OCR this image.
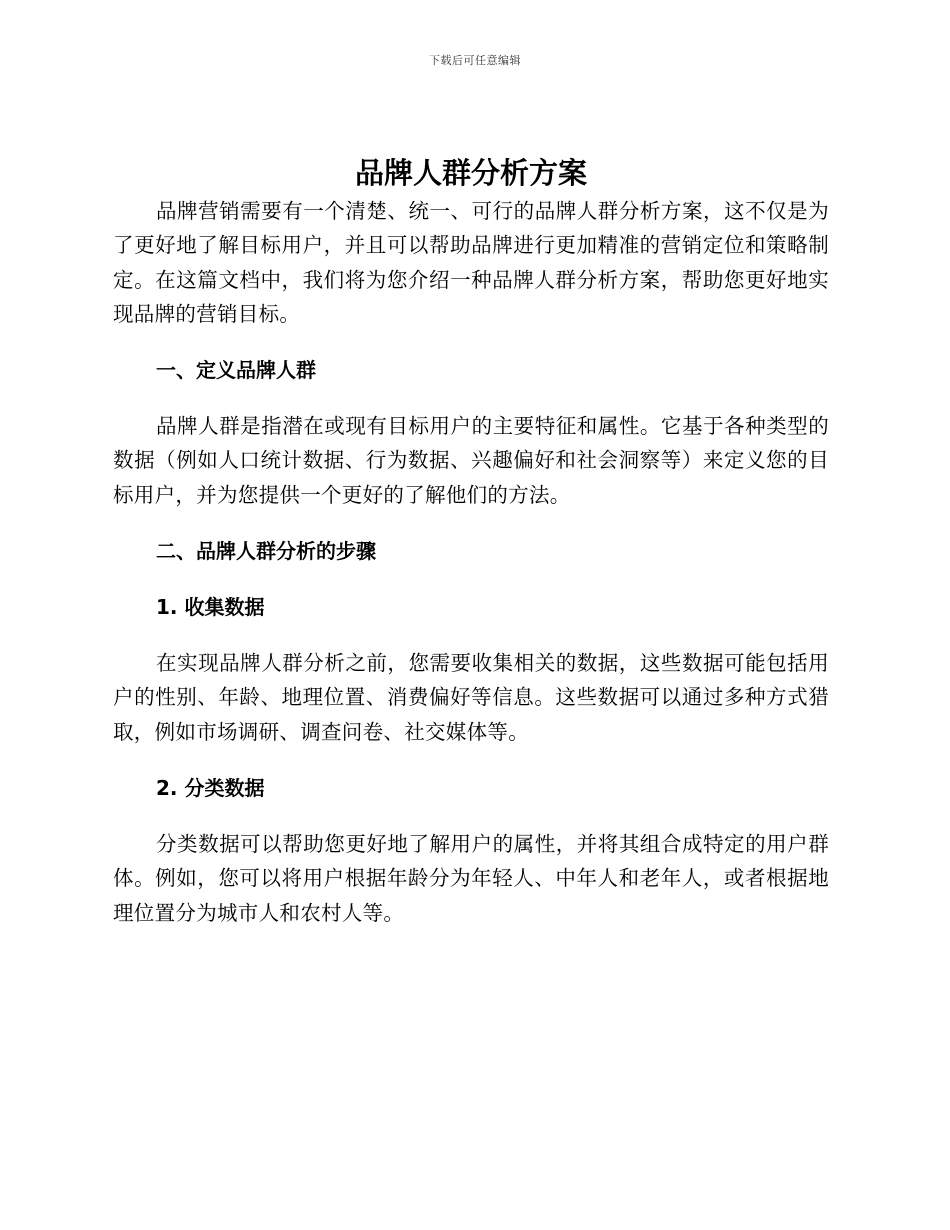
下载后可任意编辑
品牌人群分析方案

品牌营销需要有一个清楚、统一、可行的品牌人群分析方案，这不仅是为了更好地了解目标用户，并且可以帮助品牌进行更加精准的营销定位和策略制定。在这篇文档中，我们将为您介绍一种品牌人群分析方案，帮助您更好地实现品牌的营销目标。

一、定义品牌人群

品牌人群是指潜在或现有目标用户的主要特征和属性。它基于各种类型的数据（例如人口统计数据、行为数据、兴趣偏好和社会洞察等）来定义您的目标用户，并为您提供一个更好的了解他们的方法。

二、品牌人群分析的步骤
1. 收集数据

在实现品牌人群分析之前，您需要收集相关的数据，这些数据可能包括用户的性别、年龄、地理位置、消费偏好等信息。这些数据可以通过多种方式猎取，例如市场调研、调查问卷、社交媒体等。

2. 分类数据

分类数据可以帮助您更好地了解用户的属性，并将其组合成特定的用户群体。例如，您可以将用户根据年龄分为年轻人、中年人和老年人，或者根据地理位置分为城市人和农村人等。
